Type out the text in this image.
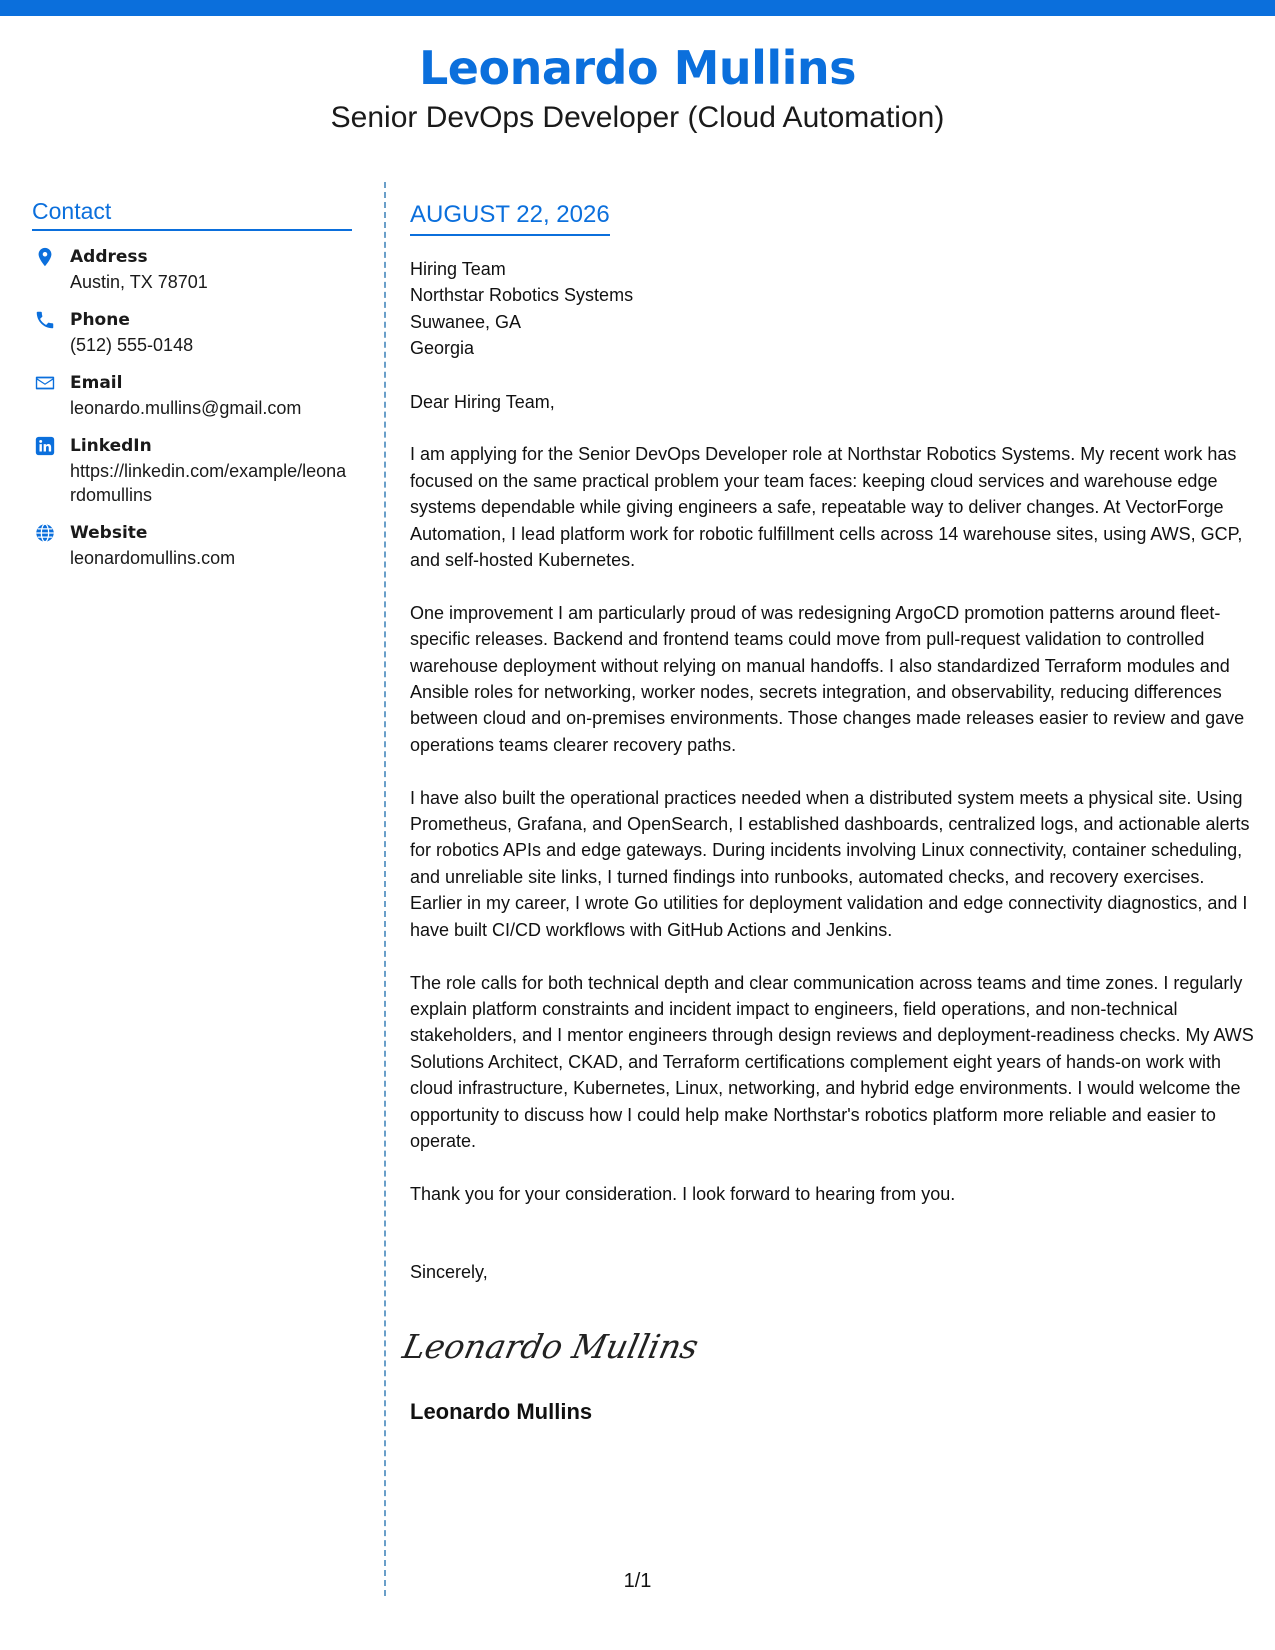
Leonardo Mullins
Senior DevOps Developer (Cloud Automation)
Contact
Address
Austin, TX 78701
Phone
(512) 555-0148
Email
leonardo.mullins@gmail.com
LinkedIn
https://linkedin.com/example/leonardomullins
Website
leonardomullins.com
AUGUST 22, 2026
Hiring Team
Northstar Robotics Systems
Suwanee, GA
Georgia
Dear Hiring Team,
I am applying for the Senior DevOps Developer role at Northstar Robotics Systems. My recent work has focused on the same practical problem your team faces: keeping cloud services and warehouse edge systems dependable while giving engineers a safe, repeatable way to deliver changes. At VectorForge Automation, I lead platform work for robotic fulfillment cells across 14 warehouse sites, using AWS, GCP, and self-hosted Kubernetes.
One improvement I am particularly proud of was redesigning ArgoCD promotion patterns around fleet-specific releases. Backend and frontend teams could move from pull-request validation to controlled warehouse deployment without relying on manual handoffs. I also standardized Terraform modules and Ansible roles for networking, worker nodes, secrets integration, and observability, reducing differences between cloud and on-premises environments. Those changes made releases easier to review and gave operations teams clearer recovery paths.
I have also built the operational practices needed when a distributed system meets a physical site. Using Prometheus, Grafana, and OpenSearch, I established dashboards, centralized logs, and actionable alerts for robotics APIs and edge gateways. During incidents involving Linux connectivity, container scheduling, and unreliable site links, I turned findings into runbooks, automated checks, and recovery exercises. Earlier in my career, I wrote Go utilities for deployment validation and edge connectivity diagnostics, and I have built CI/CD workflows with GitHub Actions and Jenkins.
The role calls for both technical depth and clear communication across teams and time zones. I regularly explain platform constraints and incident impact to engineers, field operations, and non-technical stakeholders, and I mentor engineers through design reviews and deployment-readiness checks. My AWS Solutions Architect, CKAD, and Terraform certifications complement eight years of hands-on work with cloud infrastructure, Kubernetes, Linux, networking, and hybrid edge environments. I would welcome the opportunity to discuss how I could help make Northstar's robotics platform more reliable and easier to operate.
Thank you for your consideration. I look forward to hearing from you.
Sincerely,
Leonardo Mullins
Leonardo Mullins
1/1
